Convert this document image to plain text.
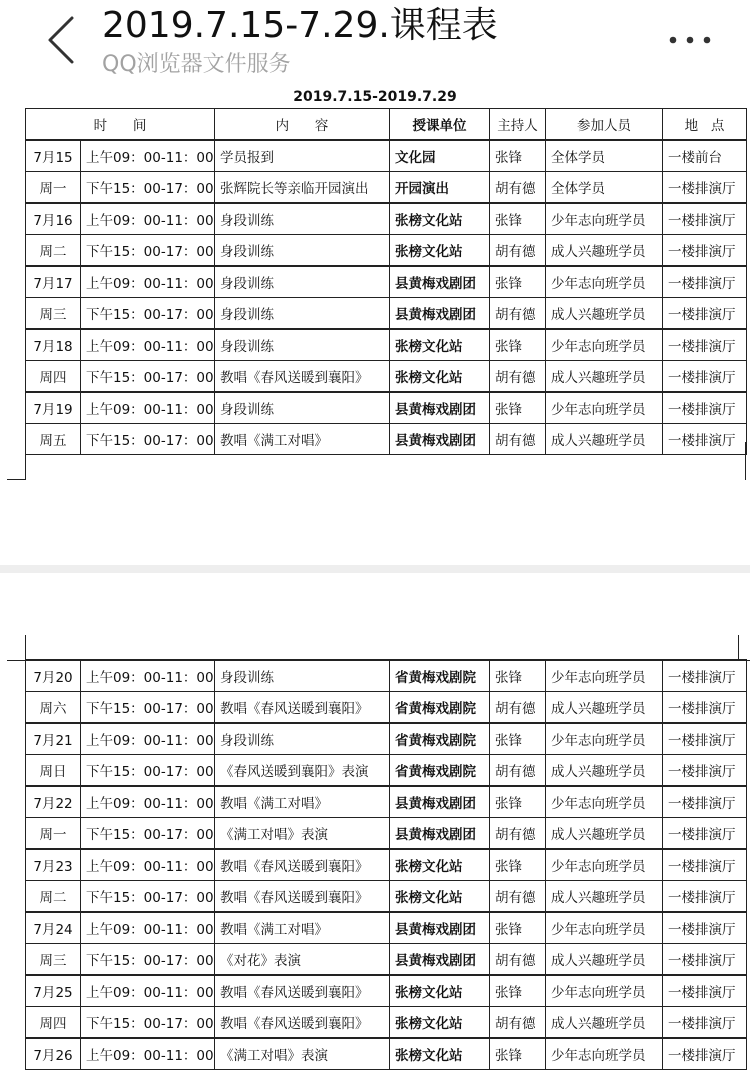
2019.7.15-7.29.课程表
QQ浏览器文件服务
2019.7.15-2019.7.29
时      间		内      容	授课单位	主持人	参加人员	地   点
7月15	上午09：00-11：00	学员报到	文化园	张锋	全体学员	一楼前台
周一	下午15：00-17：00	张辉院长等亲临开园演出	开园演出	胡有德	全体学员	一楼排演厅
7月16	上午09：00-11：00	身段训练	张榜文化站	张锋	少年志向班学员	一楼排演厅
周二	下午15：00-17：00	身段训练	张榜文化站	胡有德	成人兴趣班学员	一楼排演厅
7月17	上午09：00-11：00	身段训练	县黄梅戏剧团	张锋	少年志向班学员	一楼排演厅
周三	下午15：00-17：00	身段训练	县黄梅戏剧团	胡有德	成人兴趣班学员	一楼排演厅
7月18	上午09：00-11：00	身段训练	张榜文化站	张锋	少年志向班学员	一楼排演厅
周四	下午15：00-17：00	教唱《春风送暖到襄阳》	张榜文化站	胡有德	成人兴趣班学员	一楼排演厅
7月19	上午09：00-11：00	身段训练	县黄梅戏剧团	张锋	少年志向班学员	一楼排演厅
周五	下午15：00-17：00	教唱《满工对唱》	县黄梅戏剧团	胡有德	成人兴趣班学员	一楼排演厅
7月20	上午09：00-11：00	身段训练	省黄梅戏剧院	张锋	少年志向班学员	一楼排演厅
周六	下午15：00-17：00	教唱《春风送暖到襄阳》	省黄梅戏剧院	胡有德	成人兴趣班学员	一楼排演厅
7月21	上午09：00-11：00	身段训练	省黄梅戏剧院	张锋	少年志向班学员	一楼排演厅
周日	下午15：00-17：00	《春风送暖到襄阳》表演	省黄梅戏剧院	胡有德	成人兴趣班学员	一楼排演厅
7月22	上午09：00-11：00	教唱《满工对唱》	县黄梅戏剧团	张锋	少年志向班学员	一楼排演厅
周一	下午15：00-17：00	《满工对唱》表演	县黄梅戏剧团	胡有德	成人兴趣班学员	一楼排演厅
7月23	上午09：00-11：00	教唱《春风送暖到襄阳》	张榜文化站	张锋	少年志向班学员	一楼排演厅
周二	下午15：00-17：00	教唱《春风送暖到襄阳》	张榜文化站	胡有德	成人兴趣班学员	一楼排演厅
7月24	上午09：00-11：00	教唱《满工对唱》	县黄梅戏剧团	张锋	少年志向班学员	一楼排演厅
周三	下午15：00-17：00	《对花》表演	县黄梅戏剧团	胡有德	成人兴趣班学员	一楼排演厅
7月25	上午09：00-11：00	教唱《春风送暖到襄阳》	张榜文化站	张锋	少年志向班学员	一楼排演厅
周四	下午15：00-17：00	教唱《春风送暖到襄阳》	张榜文化站	胡有德	成人兴趣班学员	一楼排演厅
7月26	上午09：00-11：00	《满工对唱》表演	张榜文化站	张锋	少年志向班学员	一楼排演厅
